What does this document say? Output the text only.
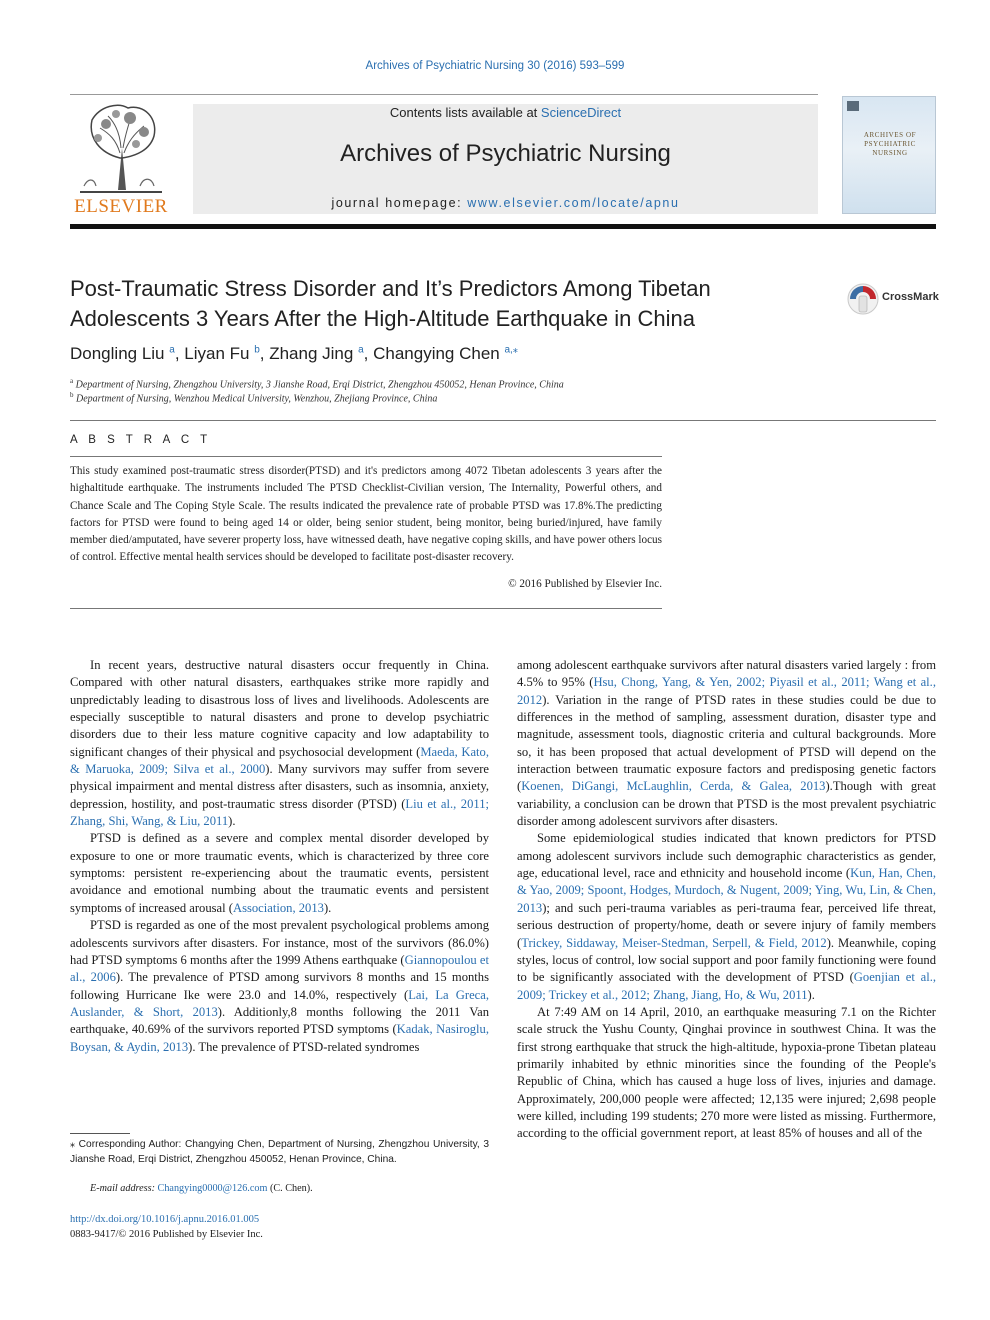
Archives of Psychiatric Nursing 30 (2016) 593–599
ELSEVIER
Contents lists available at ScienceDirect
Archives of Psychiatric Nursing
journal homepage: www.elsevier.com/locate/apnu
ARCHIVES OF PSYCHIATRIC NURSING
Post-Traumatic Stress Disorder and It’s Predictors Among Tibetan
Adolescents 3 Years After the High-Altitude Earthquake in China
CrossMark
Dongling Liu $^a$, Liyan Fu $^b$, Zhang Jing $^a$, Changying Chen $^{a,⁎}$
$^a$ Department of Nursing, Zhengzhou University, 3 Jianshe Road, Erqi District, Zhengzhou 450052, Henan Province, China
$^b$ Department of Nursing, Wenzhou Medical University, Wenzhou, Zhejiang Province, China
A B S T R A C T
This study examined post-traumatic stress disorder(PTSD) and it's predictors among 4072 Tibetan adolescents 3 years after the highaltitude earthquake. The instruments included The PTSD Checklist-Civilian version, The Internality, Powerful others, and Chance Scale and The Coping Style Scale. The results indicated the prevalence rate of probable PTSD was 17.8%.The predicting factors for PTSD were found to being aged 14 or older, being senior student, being monitor, being buried/injured, have family member died/amputated, have severer property loss, have witnessed death, have negative coping skills, and have power others locus of control. Effective mental health services should be developed to facilitate post-disaster recovery.
© 2016 Published by Elsevier Inc.

In recent years, destructive natural disasters occur frequently in China. Compared with other natural disasters, earthquakes strike more rapidly and unpredictably leading to disastrous loss of lives and livelihoods. Adolescents are especially susceptible to natural disasters and prone to develop psychiatric disorders due to their less mature cognitive capacity and low adaptability to significant changes of their physical and psychosocial development (Maeda, Kato, & Maruoka, 2009; Silva et al., 2000). Many survivors may suffer from severe physical impairment and mental distress after disasters, such as insomnia, anxiety, depression, hostility, and post-traumatic stress disorder (PTSD) (Liu et al., 2011; Zhang, Shi, Wang, & Liu, 2011).

PTSD is defined as a severe and complex mental disorder developed by exposure to one or more traumatic events, which is characterized by three core symptoms: persistent re-experiencing about the traumatic events, persistent avoidance and emotional numbing about the traumatic events and persistent symptoms of increased arousal (Association, 2013).

PTSD is regarded as one of the most prevalent psychological problems among adolescents survivors after disasters. For instance, most of the survivors (86.0%) had PTSD symptoms 6 months after the 1999 Athens earthquake (Giannopoulou et al., 2006). The prevalence of PTSD among survivors 8 months and 15 months following Hurricane Ike were 23.0 and 14.0%, respectively (Lai, La Greca, Auslander, & Short, 2013). Additionly,8 months following the 2011 Van earthquake, 40.69% of the survivors reported PTSD symptoms (Kadak, Nasiroglu, Boysan, & Aydin, 2013). The prevalence of PTSD-related syndromes

among adolescent earthquake survivors after natural disasters varied largely : from 4.5% to 95% (Hsu, Chong, Yang, & Yen, 2002; Piyasil et al., 2011; Wang et al., 2012). Variation in the range of PTSD rates in these studies could be due to differences in the method of sampling, assessment duration, disaster type and magnitude, assessment tools, diagnostic criteria and cultural backgrounds. More so, it has been proposed that actual development of PTSD will depend on the interaction between traumatic exposure factors and predisposing genetic factors (Koenen, DiGangi, McLaughlin, Cerda, & Galea, 2013).Though with great variability, a conclusion can be drown that PTSD is the most prevalent psychiatric disorder among adolescent survivors after disasters.

Some epidemiological studies indicated that known predictors for PTSD among adolescent survivors include such demographic characteristics as gender, age, educational level, race and ethnicity and household income (Kun, Han, Chen, & Yao, 2009; Spoont, Hodges, Murdoch, & Nugent, 2009; Ying, Wu, Lin, & Chen, 2013); and such peri-trauma variables as peri-trauma fear, perceived life threat, serious destruction of property/home, death or severe injury of family members (Trickey, Siddaway, Meiser-Stedman, Serpell, & Field, 2012). Meanwhile, coping styles, locus of control, low social support and poor family functioning were found to be significantly associated with the development of PTSD (Goenjian et al., 2009; Trickey et al., 2012; Zhang, Jiang, Ho, & Wu, 2011).

At 7:49 AM on 14 April, 2010, an earthquake measuring 7.1 on the Richter scale struck the Yushu County, Qinghai province in southwest China. It was the first strong earthquake that struck the high-altitude, hypoxia-prone Tibetan plateau primarily inhabited by ethnic minorities since the founding of the People's Republic of China, which has caused a huge loss of lives, injuries and damage. Approximately, 200,000 people were affected; 12,135 were injured; 2,698 people were killed, including 199 students; 270 more were listed as missing. Furthermore, according to the official government report, at least 85% of houses and all of the

⁎ Corresponding Author: Changying Chen, Department of Nursing, Zhengzhou University, 3 Jianshe Road, Erqi District, Zhengzhou 450052, Henan Province, China.
E-mail address: Changying0000@126.com (C. Chen).
http://dx.doi.org/10.1016/j.apnu.2016.01.005
0883-9417/© 2016 Published by Elsevier Inc.
